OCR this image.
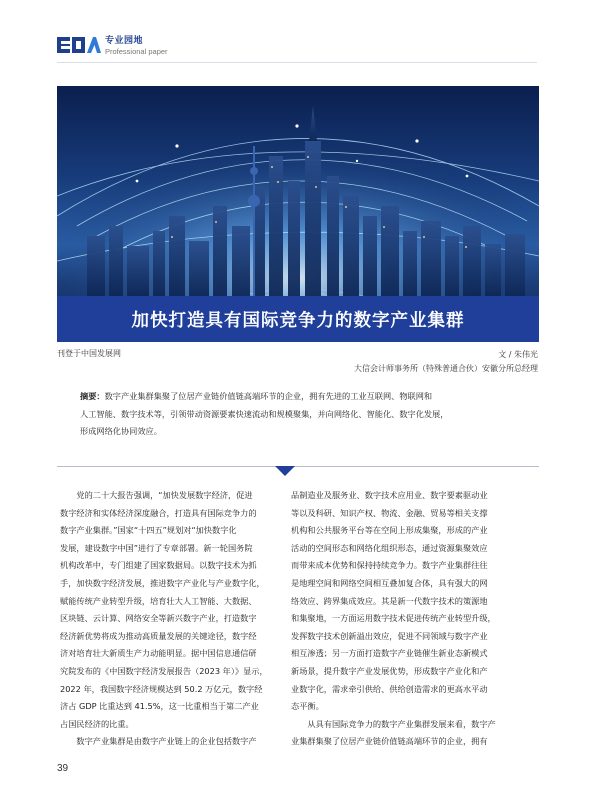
专业园地
Professional paper
加快打造具有国际竞争力的数字产业集群
刊登于中国发展网	文 / 朱伟光
大信会计师事务所（特殊普通合伙）安徽分所总经理
摘要：数字产业集群集聚了位居产业链价值链高端环节的企业，拥有先进的工业互联网、物联网和
人工智能、数字技术等，引领带动资源要素快速流动和规模聚集，并向网络化、智能化、数字化发展，
形成网络化协同效应。
　　党的二十大报告强调，“加快发展数字经济，促进
数字经济和实体经济深度融合，打造具有国际竞争力的
数字产业集群。”国家“十四五”规划对“加快数字化
发展，建设数字中国”进行了专章部署。新一轮国务院
机构改革中，专门组建了国家数据局。以数字技术为抓
手，加快数字经济发展，推进数字产业化与产业数字化，
赋能传统产业转型升级，培育壮大人工智能、大数据、
区块链、云计算、网络安全等新兴数字产业，打造数字
经济新优势将成为推动高质量发展的关键途径，数字经
济对培育壮大新质生产力动能明显。据中国信息通信研
究院发布的《中国数字经济发展报告（2023 年）》显示，
2022 年，我国数字经济规模达到 50.2 万亿元，数字经
济占 GDP 比重达到 41.5%，这一比重相当于第二产业
占国民经济的比重。
　　数字产业集群是由数字产业链上的企业包括数字产
品制造业及服务业、数字技术应用业、数字要素驱动业
等以及科研、知识产权、物流、金融、贸易等相关支撑
机构和公共服务平台等在空间上形成集聚，形成的产业
活动的空间形态和网络化组织形态，通过资源集聚效应
而带来成本优势和保持持续竞争力。数字产业集群往往
是地理空间和网络空间相互叠加复合体，具有强大的网
络效应、跨界集成效应。其是新一代数字技术的策源地
和集聚地，一方面运用数字技术促进传统产业转型升级，
发挥数字技术创新溢出效应，促进不同领域与数字产业
相互渗透；另一方面打造数字产业链催生新业态新模式
新场景，提升数字产业发展优势，形成数字产业化和产
业数字化，需求牵引供给、供给创造需求的更高水平动
态平衡。
　　从具有国际竞争力的数字产业集群发展来看，数字产
业集群集聚了位居产业链价值链高端环节的企业，拥有
39
